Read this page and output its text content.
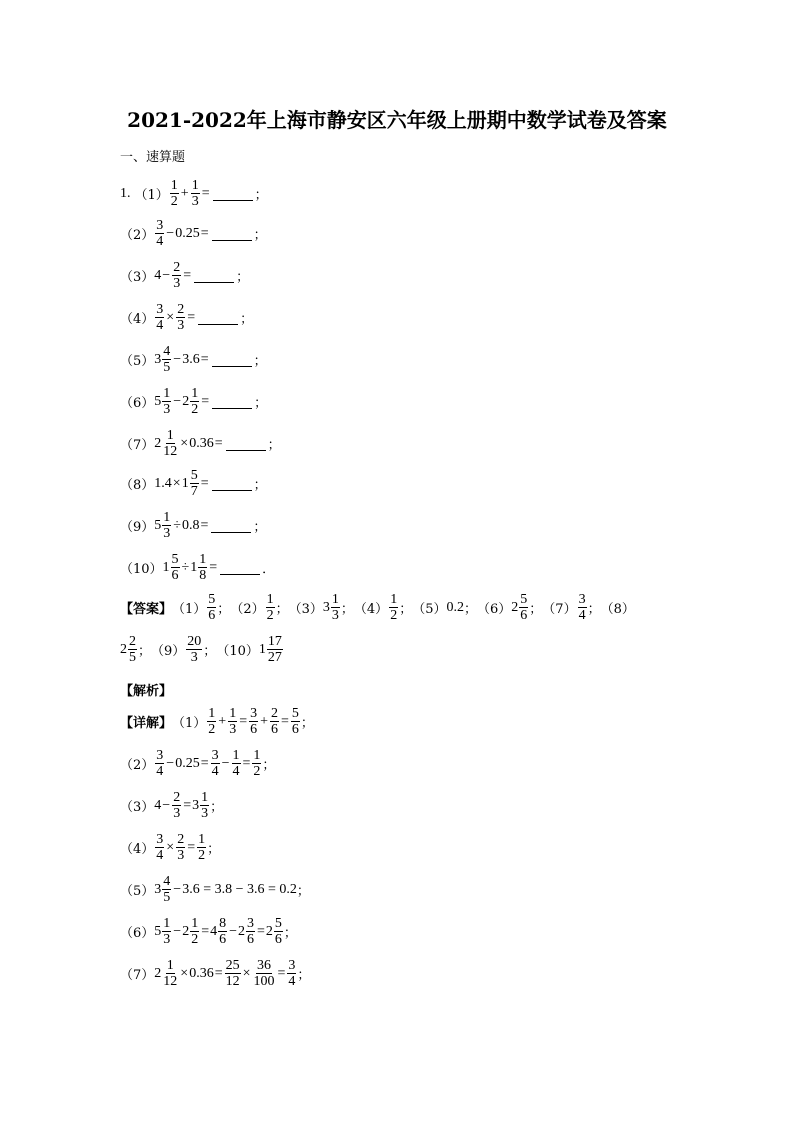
2021-2022年上海市静安区六年级上册期中数学试卷及答案
一、速算题
1. $(1) \frac{1}{2} + \frac{1}{3}$ =	；
$(2) \frac{3}{4} - 0.25$ =	；
（3） $4 - \frac{2}{3}$ =	；
$(4) \frac{3}{4} \times \frac{2}{3}$ =	；
（5） $3 \frac{4}{5} - 3.6$ =	；
（6） $5 \frac{1}{3} - 2 \frac{1}{2}$ =	；
（7） $2 \frac{1}{12} \times 0.36$ =	；
（8） $1.4 \times 1 \frac{5}{7}$ =	；
（9） $5 \frac{1}{3} \div 0.8$ =	；
（10） $1 \frac{5}{6} \div 1 \frac{1}{8}$ =	．
【答案】 $(1) \frac{5}{6}$ ； $(2) \frac{1}{2}$ ； （3） $3 \frac{1}{3}$ ； $(4) \frac{1}{2}$ ； （5） 0.2 ； （6） $2 \frac{5}{6}$ ； $(7) \frac{3}{4}$ ； （8）
$2 \frac{2}{5}$ ； $(9) \frac{20}{3}$ ； （10） $1 \frac{17}{27}$
【解析】
【详解】 $(1) \frac{1}{2} + \frac{1}{3} = \frac{3}{6} + \frac{2}{6} = \frac{5}{6}$ ；
$(2) \frac{3}{4} - 0.25 = \frac{3}{4} - \frac{1}{4} = \frac{1}{2}$ ；
（3） $4 - \frac{2}{3} = 3 \frac{1}{3}$ ；
$(4) \frac{3}{4} \times \frac{2}{3} = \frac{1}{2}$ ；
（5） $3 \frac{4}{5} - 3.6 = 3.8 - 3.6 = 0.2$ ；
（6） $5 \frac{1}{3} - 2 \frac{1}{2} = 4 \frac{8}{6} - 2 \frac{3}{6} = 2 \frac{5}{6}$ ；
（7） $2 \frac{1}{12} \times 0.36 = \frac{25}{12} \times \frac{36}{100} = \frac{3}{4}$ ；
